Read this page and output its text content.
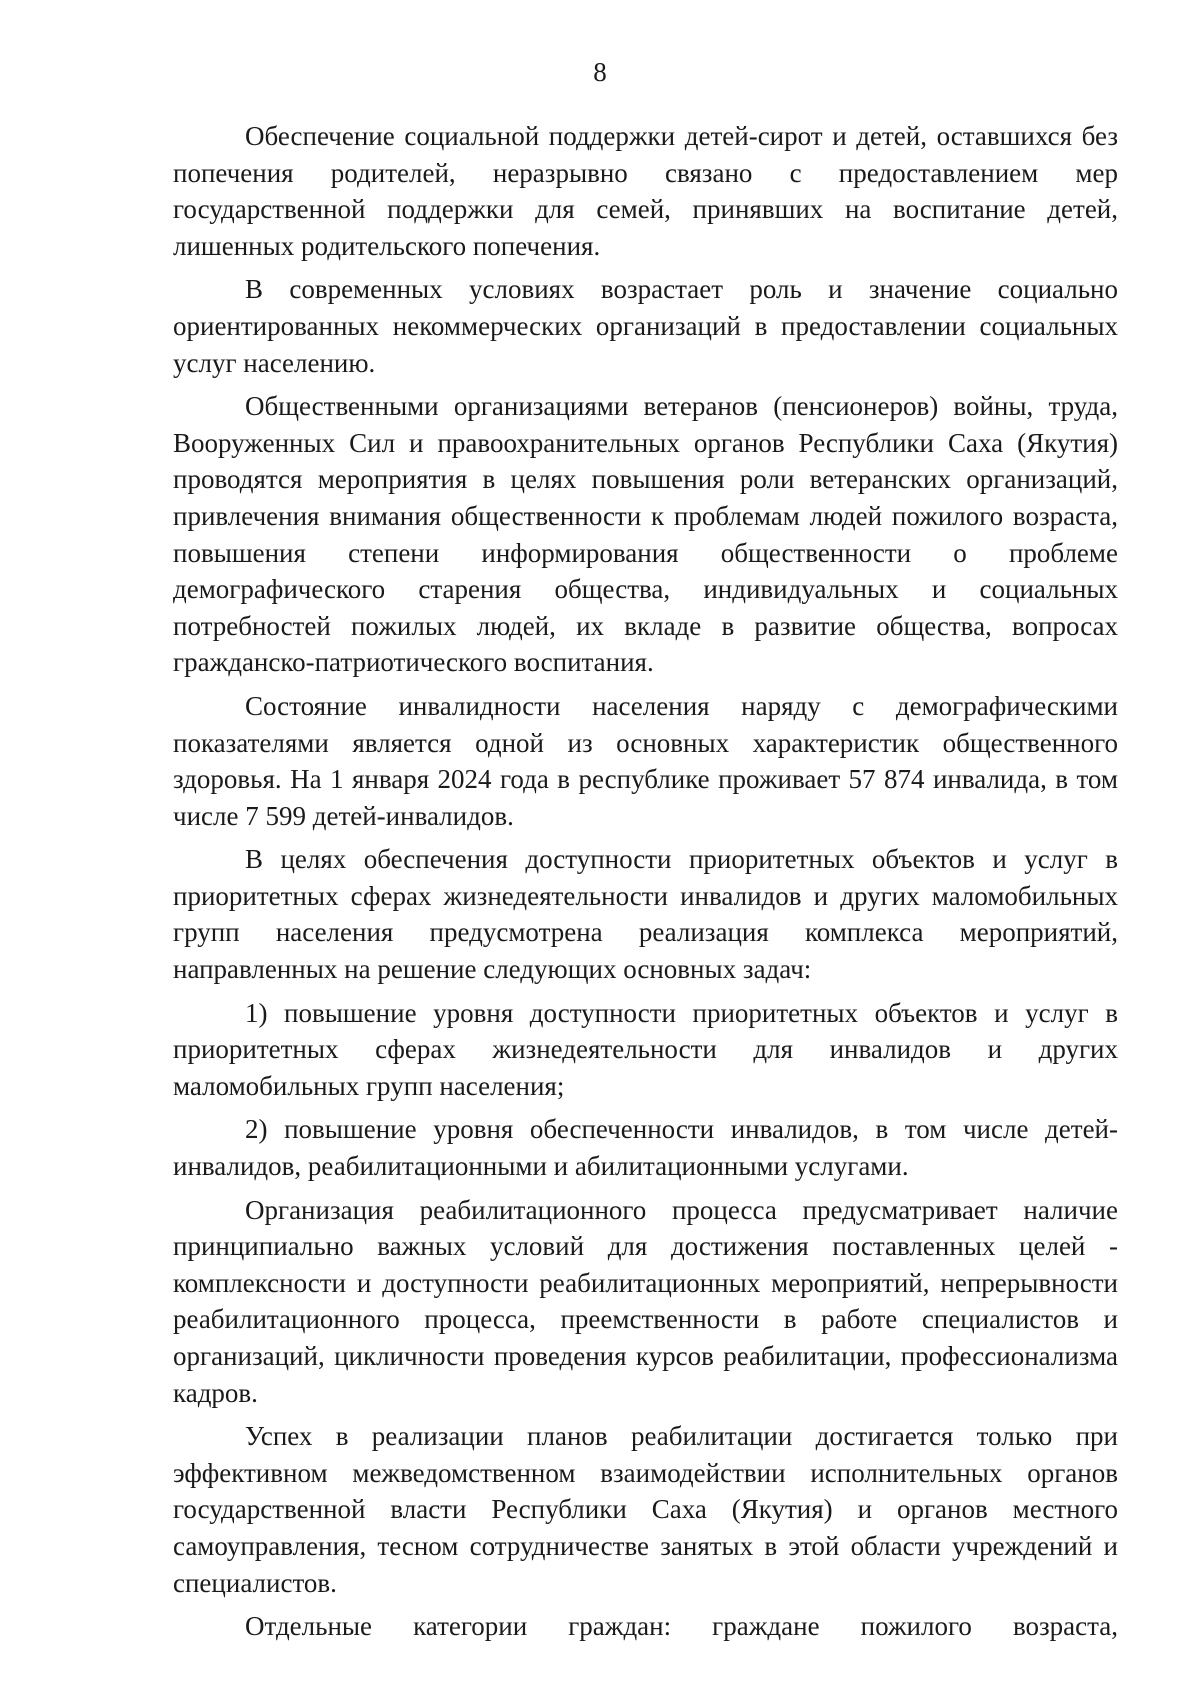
8

Обеспечение социальной поддержки детей-сирот и детей, оставшихся без попечения родителей, неразрывно связано с предоставлением мер государственной поддержки для семей, принявших на воспитание детей, лишенных родительского попечения.

В современных условиях возрастает роль и значение социально ориентированных некоммерческих организаций в предоставлении социальных услуг населению.

Общественными организациями ветеранов (пенсионеров) войны, труда, Вооруженных Сил и правоохранительных органов Республики Саха (Якутия) проводятся мероприятия в целях повышения роли ветеранских организаций, привлечения внимания общественности к проблемам людей пожилого возраста, повышения степени информирования общественности о проблеме демографического старения общества, индивидуальных и социальных потребностей пожилых людей, их вкладе в развитие общества, вопросах гражданско-патриотического воспитания.

Состояние инвалидности населения наряду с демографическими показателями является одной из основных характеристик общественного здоровья. На 1 января 2024 года в республике проживает 57 874 инвалида, в том числе 7 599 детей-инвалидов.

В целях обеспечения доступности приоритетных объектов и услуг в приоритетных сферах жизнедеятельности инвалидов и других маломобильных групп населения предусмотрена реализация комплекса мероприятий, направленных на решение следующих основных задач:

1) повышение уровня доступности приоритетных объектов и услуг в приоритетных сферах жизнедеятельности для инвалидов и других маломобильных групп населения;

2) повышение уровня обеспеченности инвалидов, в том числе детей-инвалидов, реабилитационными и абилитационными услугами.

Организация реабилитационного процесса предусматривает наличие принципиально важных условий для достижения поставленных целей - комплексности и доступности реабилитационных мероприятий, непрерывности реабилитационного процесса, преемственности в работе специалистов и организаций, цикличности проведения курсов реабилитации, профессионализма кадров.

Успех в реализации планов реабилитации достигается только при эффективном межведомственном взаимодействии исполнительных органов государственной власти Республики Саха (Якутия) и органов местного самоуправления, тесном сотрудничестве занятых в этой области учреждений и специалистов.

Отдельные категории граждан: граждане пожилого возраста,
